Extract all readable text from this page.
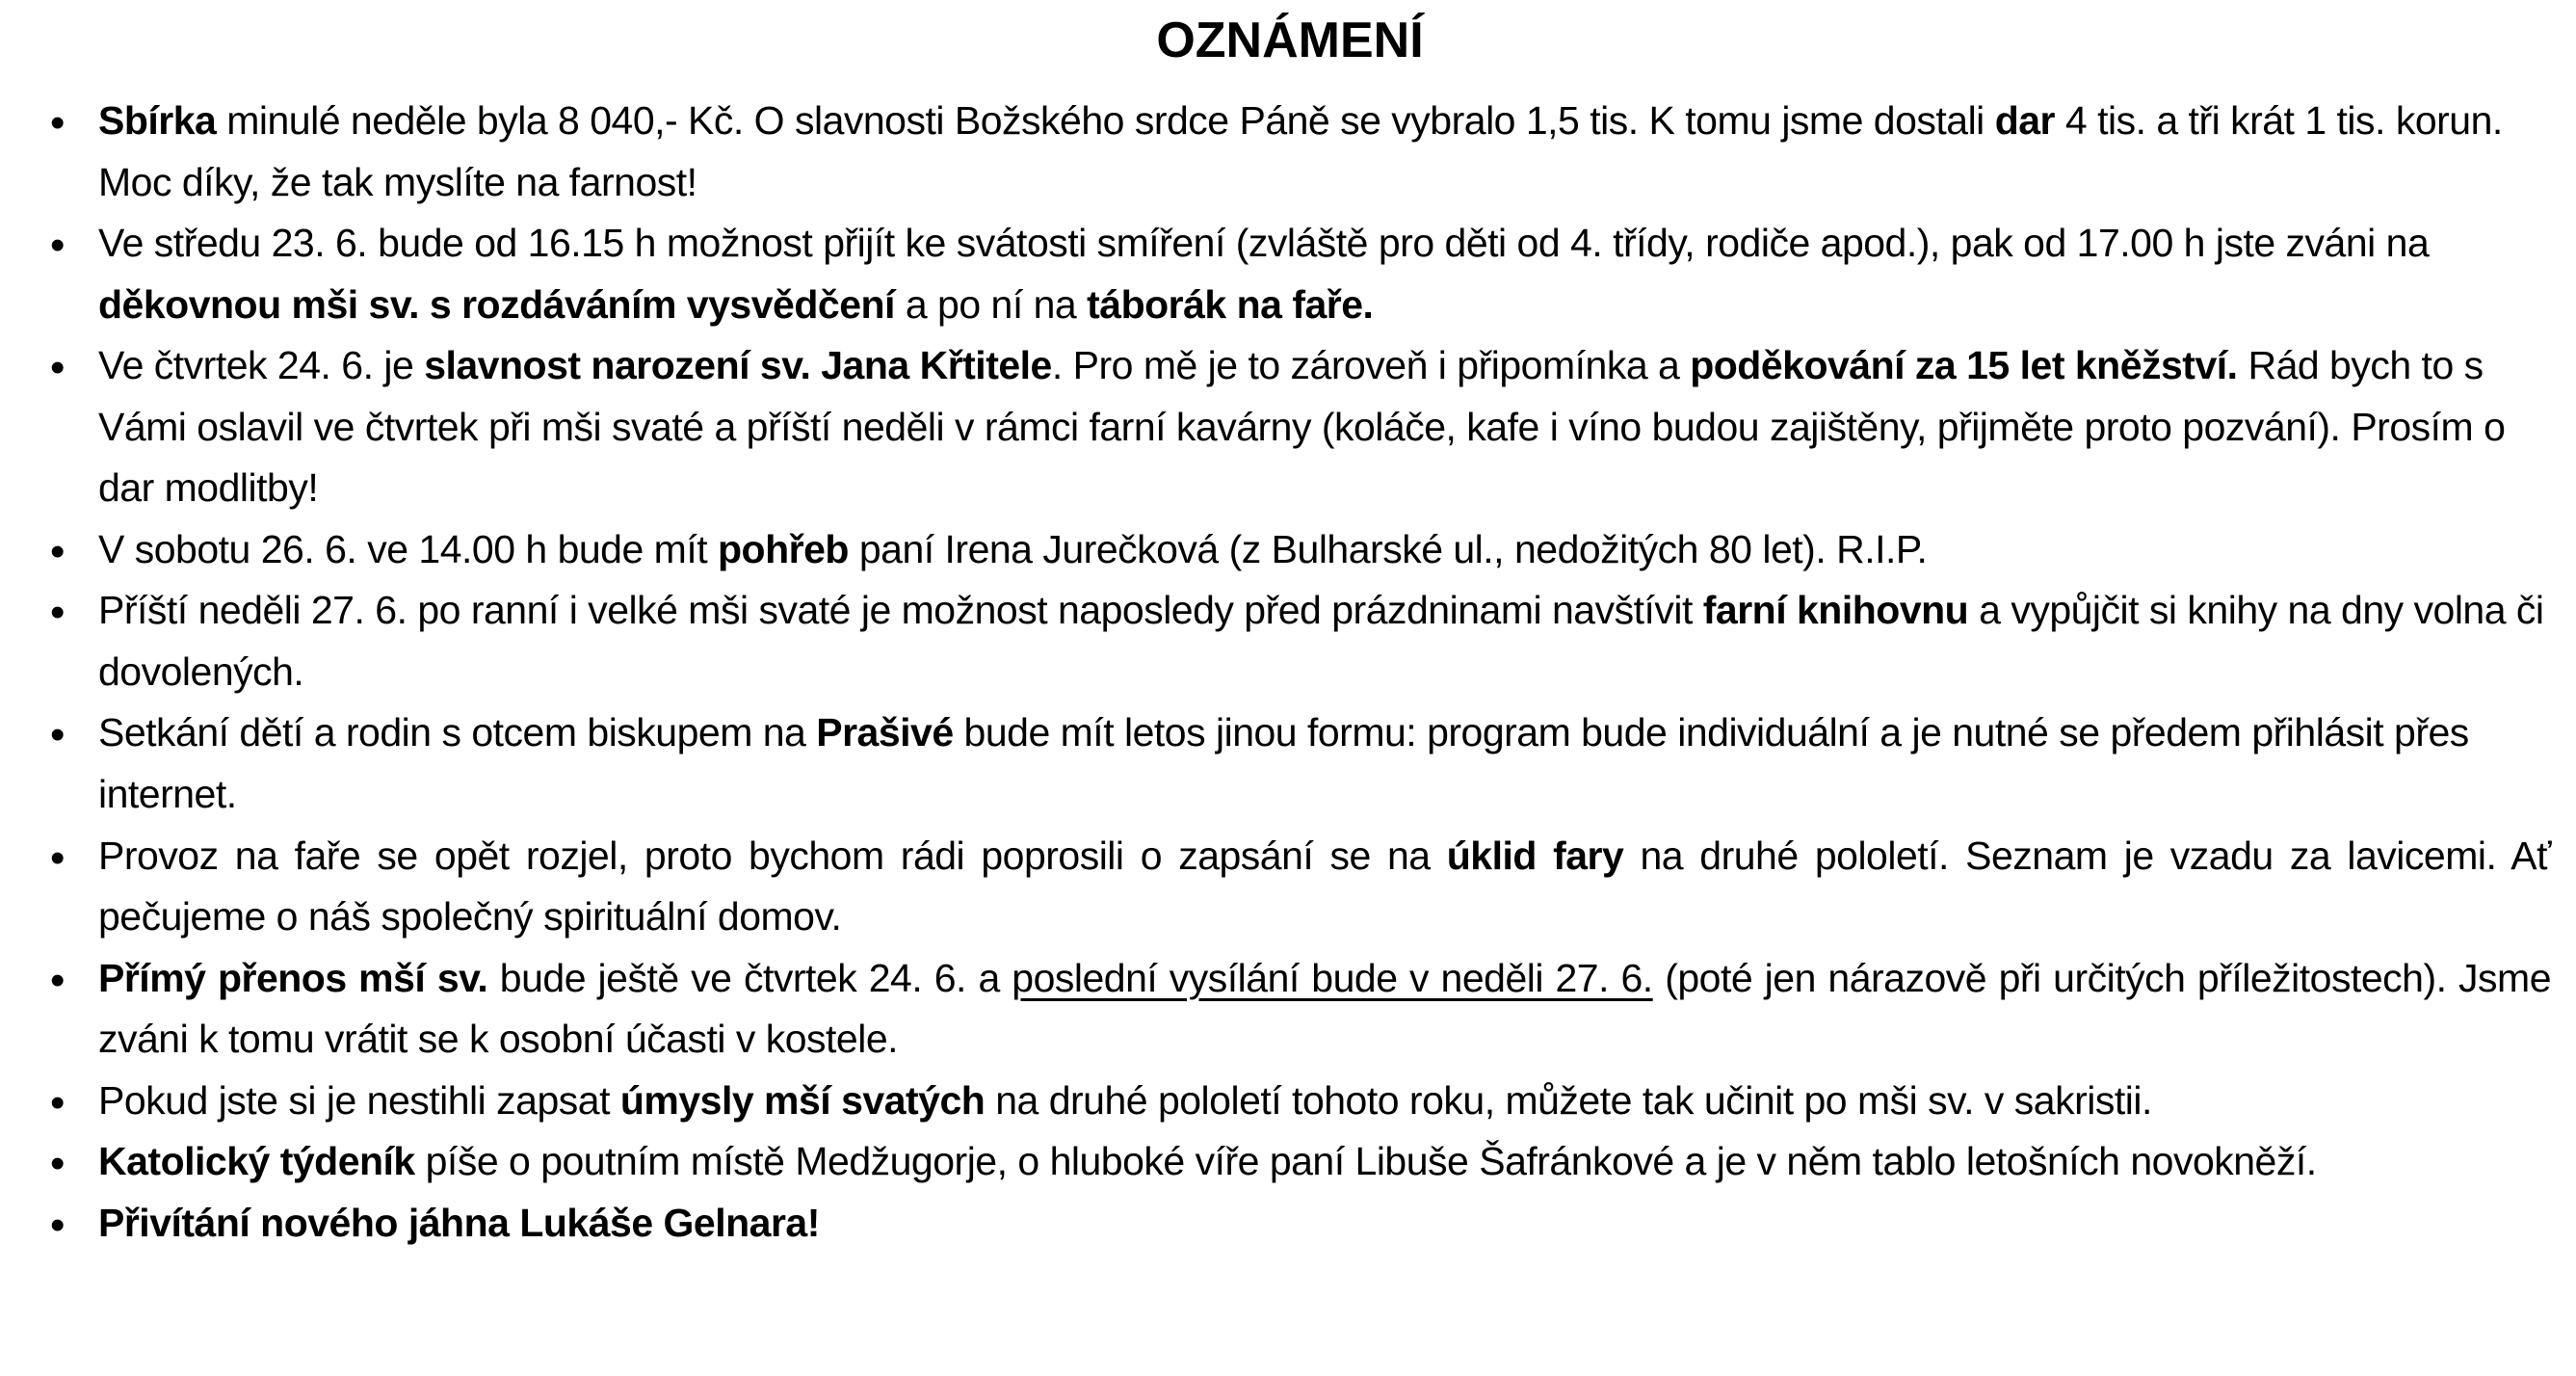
OZNÁMENÍ
• Sbírka minulé neděle byla 8 040,- Kč. O slavnosti Božského srdce Páně se vybralo 1,5 tis. K tomu jsme dostali dar 4 tis. a tři krát 1 tis. korun. Moc díky, že tak myslíte na farnost!
• Ve středu 23. 6. bude od 16.15 h možnost přijít ke svátosti smíření (zvláště pro děti od 4. třídy, rodiče apod.), pak od 17.00 h jste zváni na děkovnou mši sv. s rozdáváním vysvědčení a po ní na táborák na faře.
• Ve čtvrtek 24. 6. je slavnost narození sv. Jana Křtitele. Pro mě je to zároveň i připomínka a poděkování za 15 let kněžství. Rád bych to s Vámi oslavil ve čtvrtek při mši svaté a příští neděli v rámci farní kavárny (koláče, kafe i víno budou zajištěny, přijměte proto pozvání). Prosím o dar modlitby!
• V sobotu 26. 6. ve 14.00 h bude mít pohřeb paní Irena Jurečková (z Bulharské ul., nedožitých 80 let). R.I.P.
• Příští neděli 27. 6. po ranní i velké mši svaté je možnost naposledy před prázdninami navštívit farní knihovnu a vypůjčit si knihy na dny volna či dovolených.
• Setkání dětí a rodin s otcem biskupem na Prašivé bude mít letos jinou formu: program bude individuální a je nutné se předem přihlásit přes internet.
• Provoz na faře se opět rozjel, proto bychom rádi poprosili o zapsání se na úklid fary na druhé pololetí. Seznam je vzadu za lavicemi. Ať pečujeme o náš společný spirituální domov.
• Přímý přenos mší sv. bude ještě ve čtvrtek 24. 6. a poslední vysílání bude v neděli 27. 6. (poté jen nárazově při určitých příležitostech). Jsme zváni k tomu vrátit se k osobní účasti v kostele.
• Pokud jste si je nestihli zapsat úmysly mší svatých na druhé pololetí tohoto roku, můžete tak učinit po mši sv. v sakristii.
• Katolický týdeník píše o poutním místě Medžugorje, o hluboké víře paní Libuše Šafránkové a je v něm tablo letošních novokněží.
• Přivítání nového jáhna Lukáše Gelnara!
